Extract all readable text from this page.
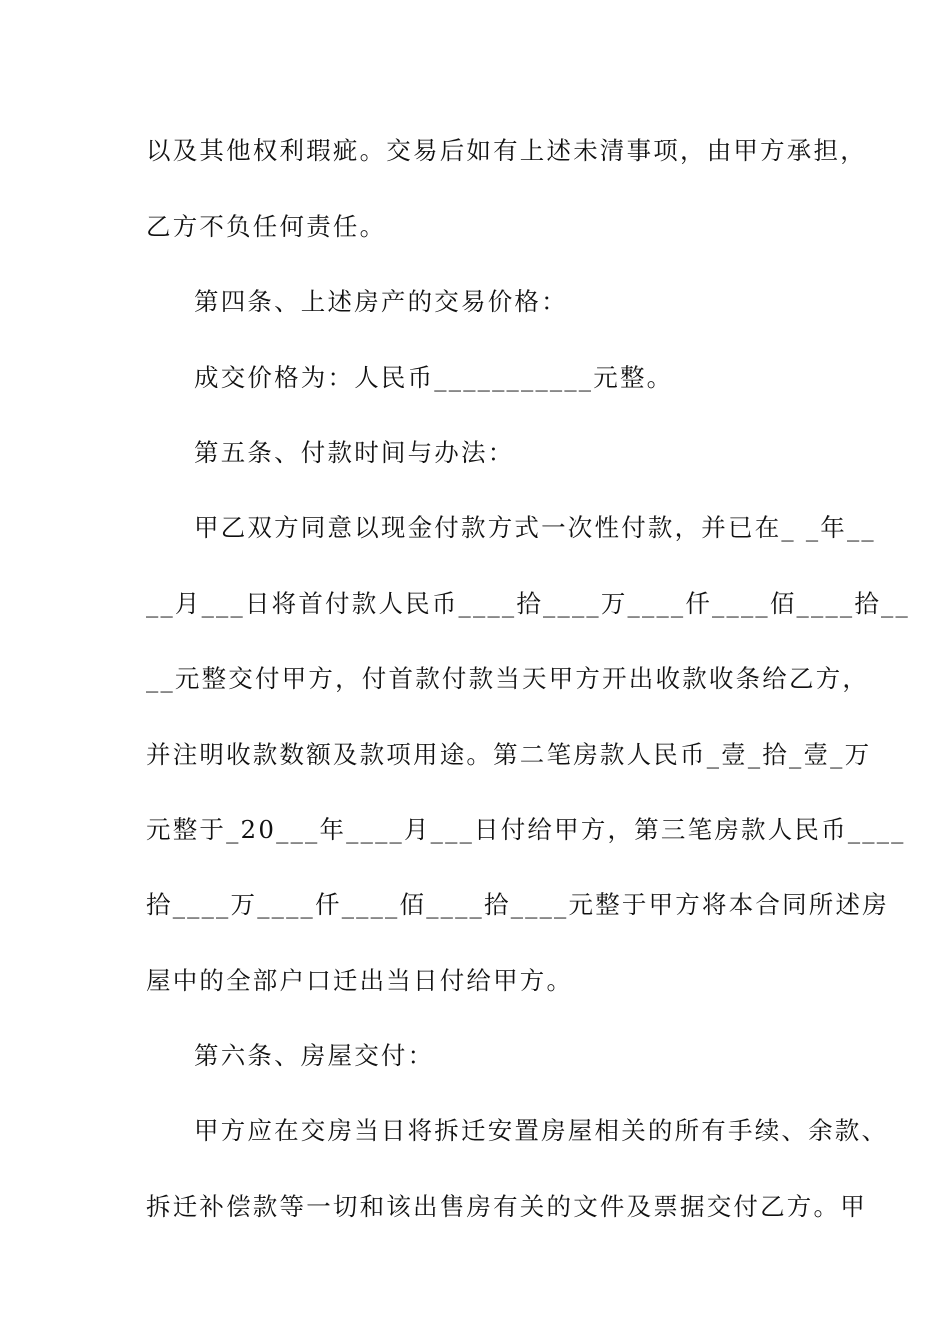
以及其他权利瑕疵。交易后如有上述未清事项，由甲方承担，
乙方不负任何责任。
第四条、上述房产的交易价格：
成交价格为：人民币___________元整。
第五条、付款时间与办法：
甲乙双方同意以现金付款方式一次性付款，并已在_ _年__
__月___日将首付款人民币____拾____万____仟____佰____拾__
__元整交付甲方，付首款付款当天甲方开出收款收条给乙方，
并注明收款数额及款项用途。第二笔房款人民币_壹_拾_壹_万
元整于_20___年____月___日付给甲方，第三笔房款人民币____
拾____万____仟____佰____拾____元整于甲方将本合同所述房
屋中的全部户口迁出当日付给甲方。
第六条、房屋交付：
甲方应在交房当日将拆迁安置房屋相关的所有手续、余款、
拆迁补偿款等一切和该出售房有关的文件及票据交付乙方。甲
